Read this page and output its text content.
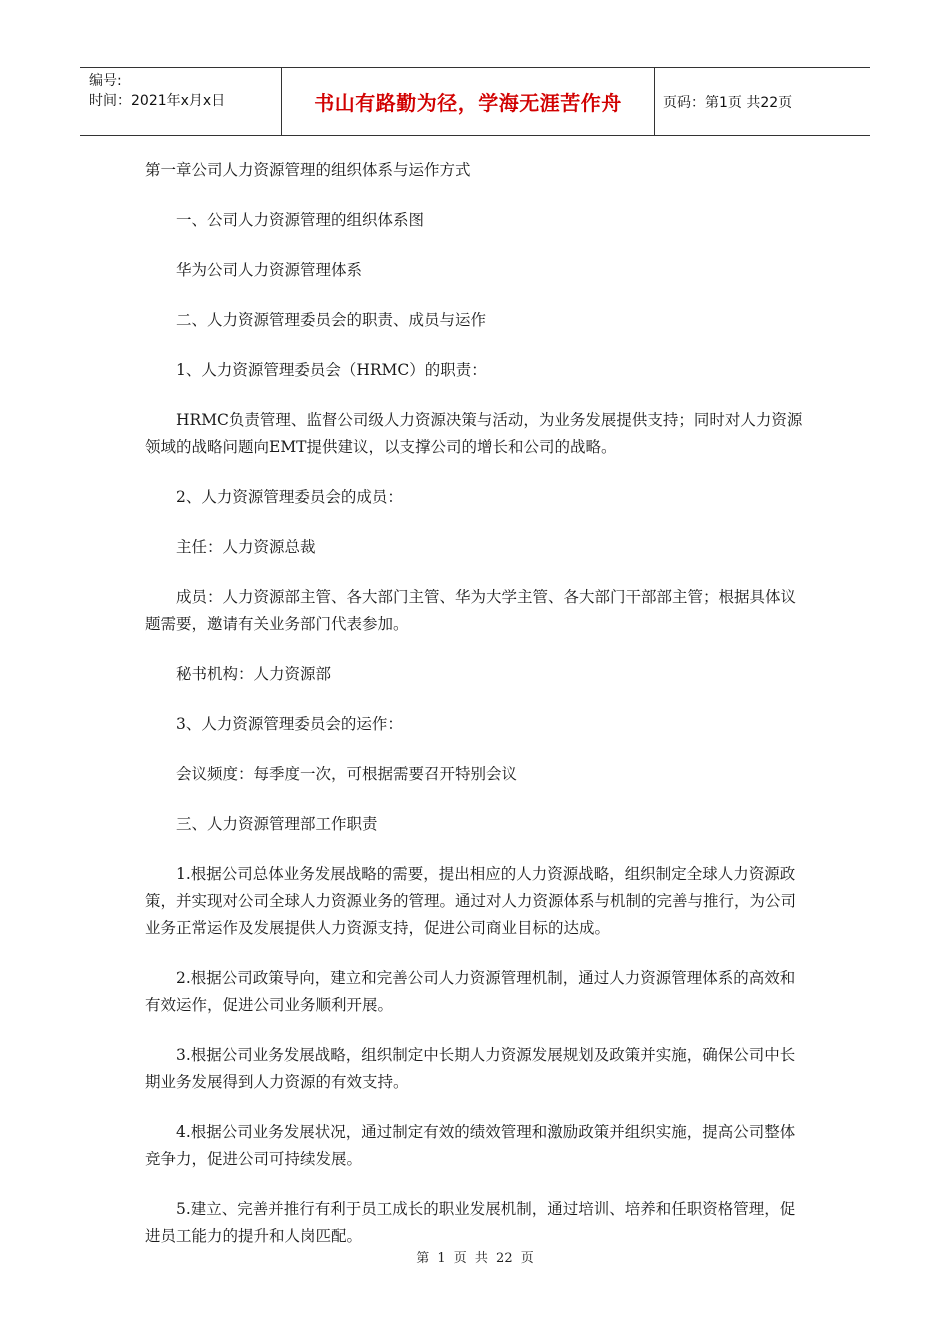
编号:
时间：2021年x月x日	书山有路勤为径，学海无涯苦作舟	页码：第1页 共22页

第一章公司人力资源管理的组织体系与运作方式

一、公司人力资源管理的组织体系图

华为公司人力资源管理体系

二、人力资源管理委员会的职责、成员与运作

1、人力资源管理委员会（HRMC）的职责：

HRMC负责管理、监督公司级人力资源决策与活动，为业务发展提供支持；同时对人力资源领域的战略问题向EMT提供建议，以支撑公司的增长和公司的战略。

2、人力资源管理委员会的成员：

主任：人力资源总裁

成员：人力资源部主管、各大部门主管、华为大学主管、各大部门干部部主管；根据具体议题需要，邀请有关业务部门代表参加。

秘书机构：人力资源部

3、人力资源管理委员会的运作：

会议频度：每季度一次，可根据需要召开特别会议

三、人力资源管理部工作职责

1.根据公司总体业务发展战略的需要，提出相应的人力资源战略，组织制定全球人力资源政策，并实现对公司全球人力资源业务的管理。通过对人力资源体系与机制的完善与推行，为公司业务正常运作及发展提供人力资源支持，促进公司商业目标的达成。

2.根据公司政策导向，建立和完善公司人力资源管理机制，通过人力资源管理体系的高效和有效运作，促进公司业务顺利开展。

3.根据公司业务发展战略，组织制定中长期人力资源发展规划及政策并实施，确保公司中长期业务发展得到人力资源的有效支持。

4.根据公司业务发展状况，通过制定有效的绩效管理和激励政策并组织实施，提高公司整体竞争力，促进公司可持续发展。

5.建立、完善并推行有利于员工成长的职业发展机制，通过培训、培养和任职资格管理，促进员工能力的提升和人岗匹配。

第 1 页 共 22 页
